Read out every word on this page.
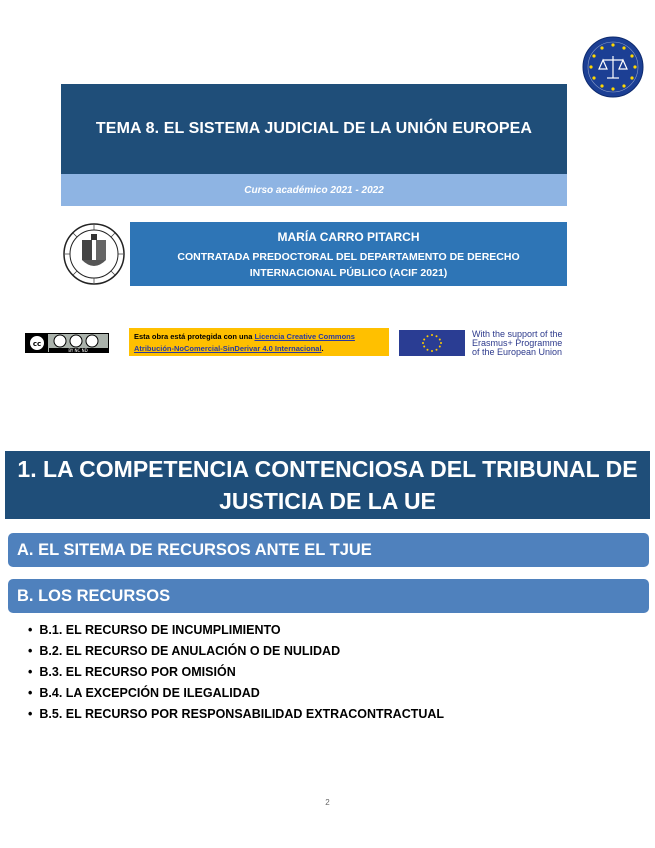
TEMA 8. EL SISTEMA JUDICIAL DE LA UNIÓN EUROPEA
Curso académico 2021 - 2022
MARÍA CARRO PITARCH
CONTRATADA PREDOCTORAL DEL DEPARTAMENTO DE DERECHO
INTERNACIONAL PÚBLICO (ACIF 2021)
cc
BY NC ND
Esta obra está protegida con una Licencia Creative Commons
Atribución-NoComercial-SinDerivar 4.0 Internacional.
With the support of the
Erasmus+ Programme
of the European Union
1. LA COMPETENCIA CONTENCIOSA DEL TRIBUNAL DE
JUSTICIA DE LA UE
A. EL SITEMA DE RECURSOS ANTE EL TJUE
B. LOS RECURSOS
• B.1. EL RECURSO DE INCUMPLIMIENTO
• B.2. EL RECURSO DE ANULACIÓN O DE NULIDAD
• B.3. EL RECURSO POR OMISIÓN
• B.4. LA EXCEPCIÓN DE ILEGALIDAD
• B.5. EL RECURSO POR RESPONSABILIDAD EXTRACONTRACTUAL
2
